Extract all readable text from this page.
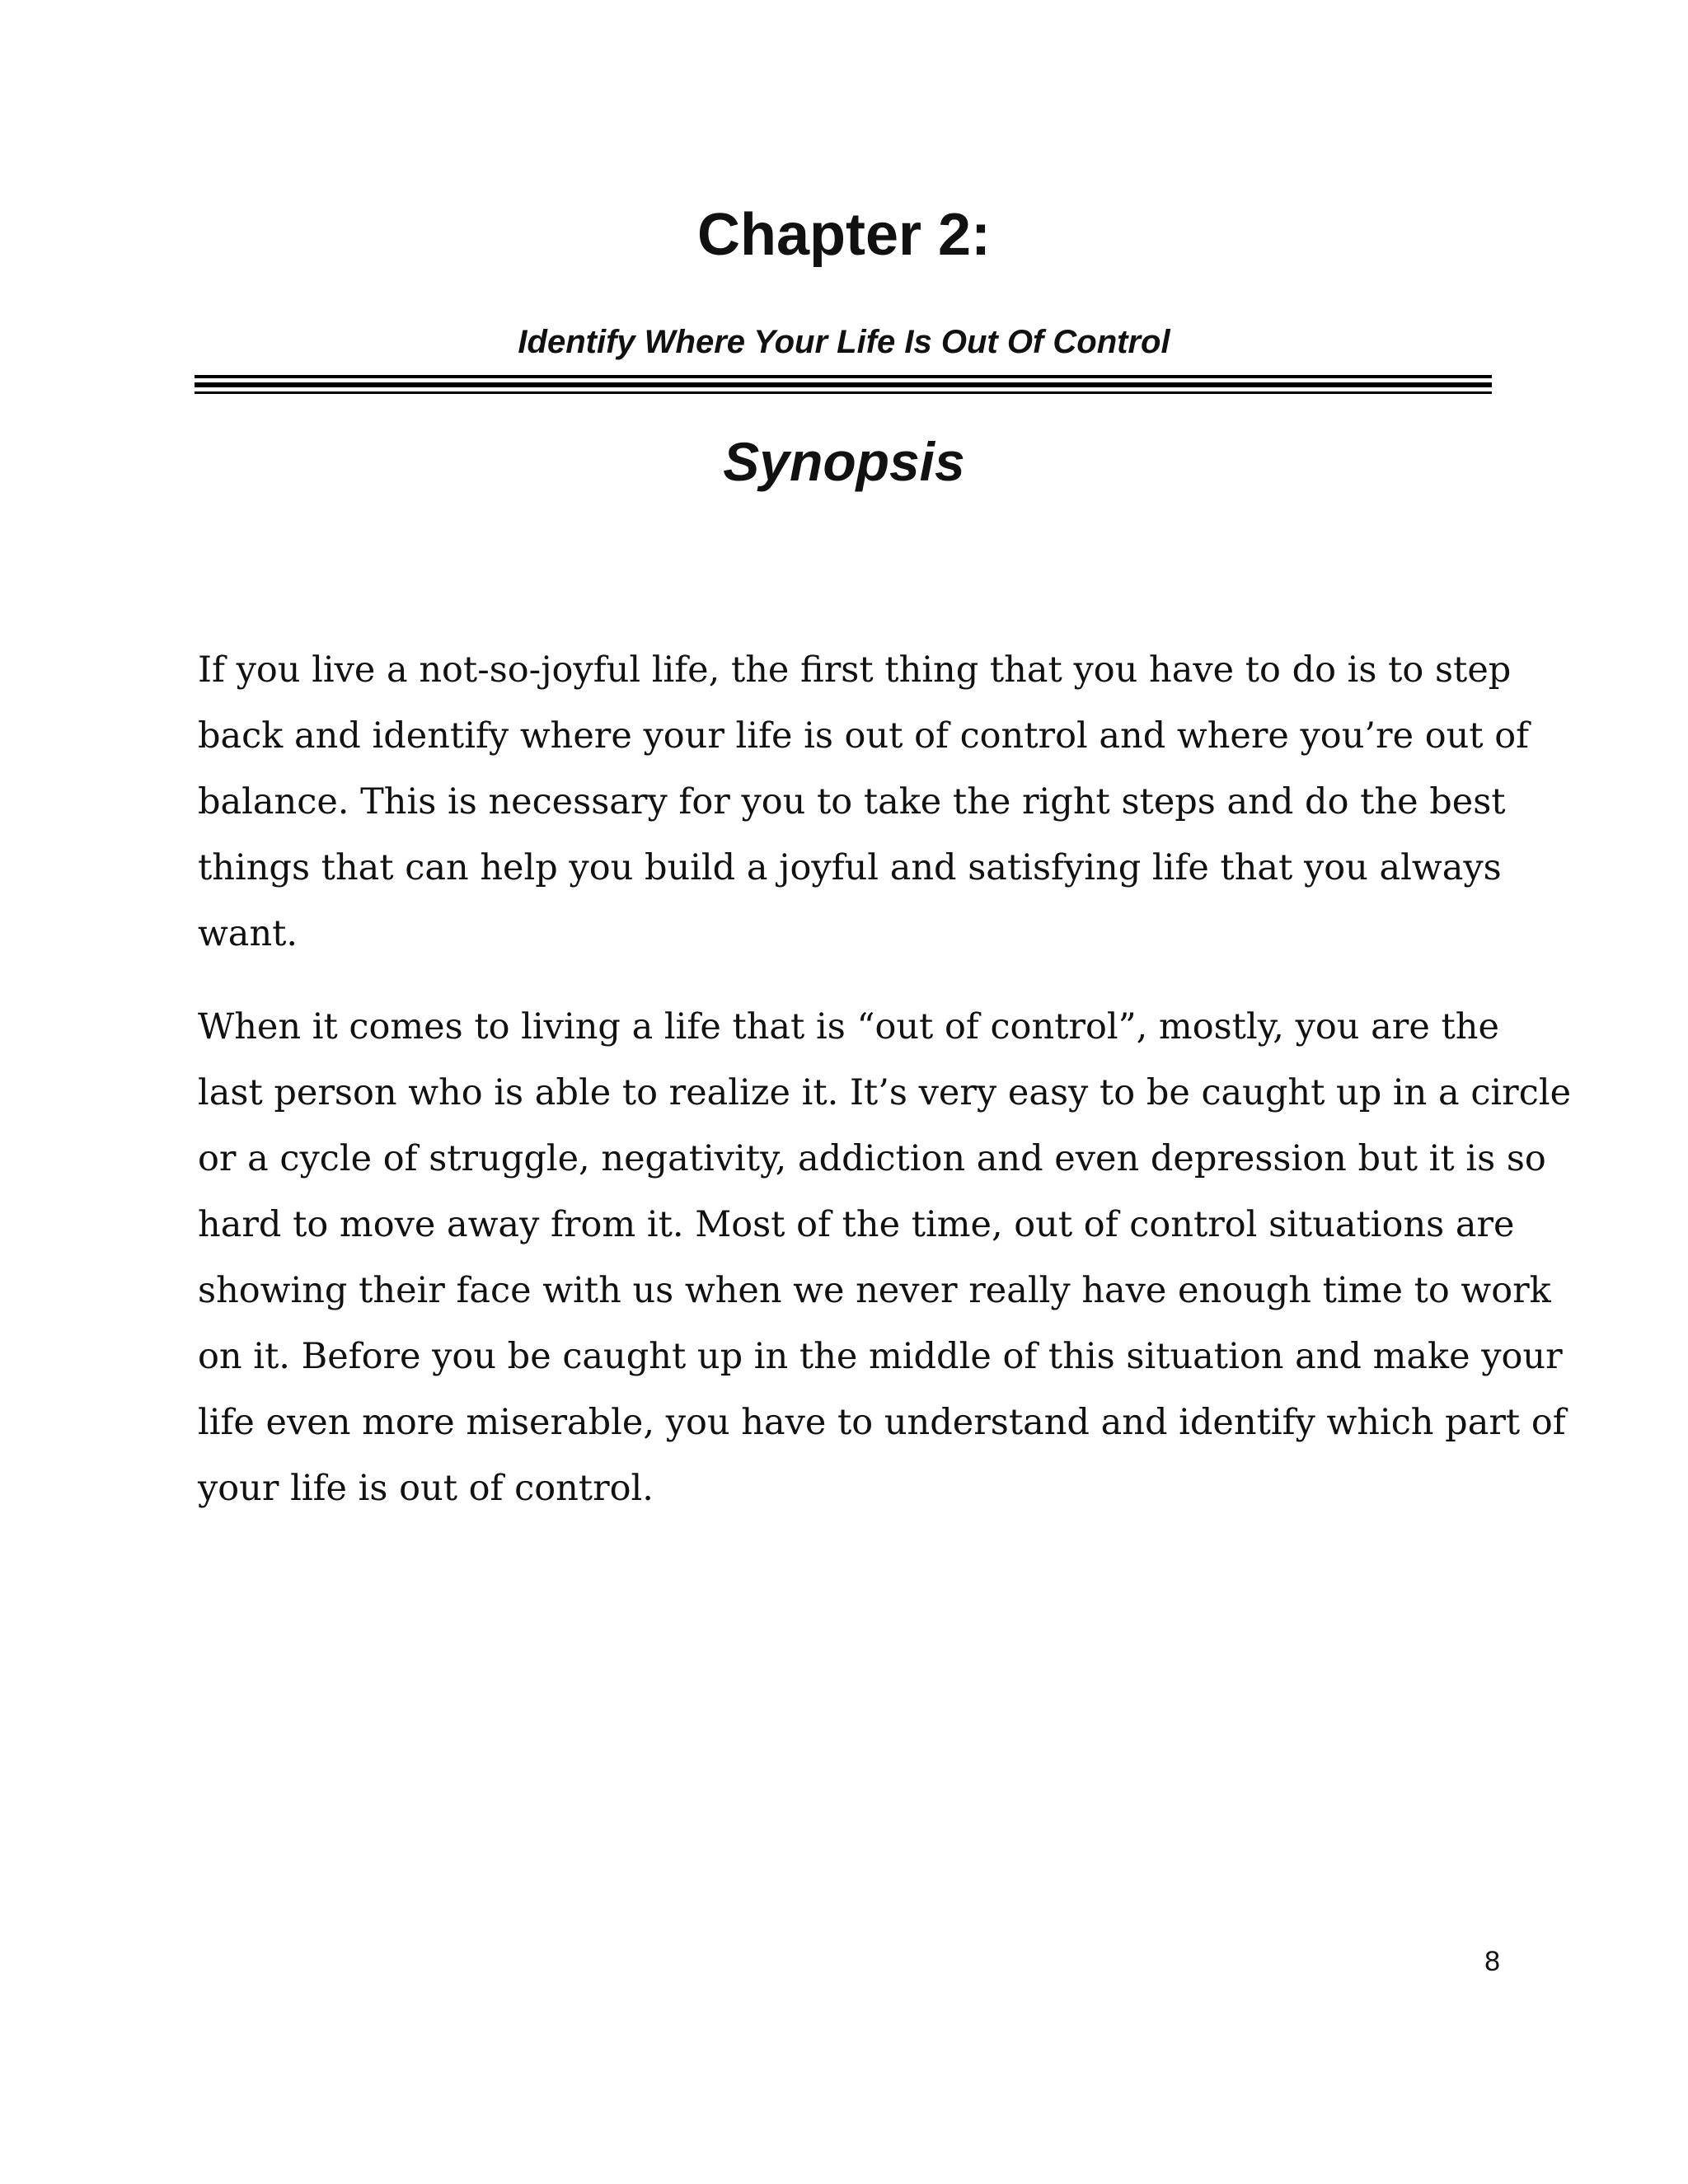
Chapter 2:
Identify Where Your Life Is Out Of Control
Synopsis

If you live a not-so-joyful life, the first thing that you have to do is to step
back and identify where your life is out of control and where you’re out of
balance. This is necessary for you to take the right steps and do the best
things that can help you build a joyful and satisfying life that you always
want.

When it comes to living a life that is “out of control”, mostly, you are the
last person who is able to realize it. It’s very easy to be caught up in a circle
or a cycle of struggle, negativity, addiction and even depression but it is so
hard to move away from it. Most of the time, out of control situations are
showing their face with us when we never really have enough time to work
on it. Before you be caught up in the middle of this situation and make your
life even more miserable, you have to understand and identify which part of
your life is out of control.

8
